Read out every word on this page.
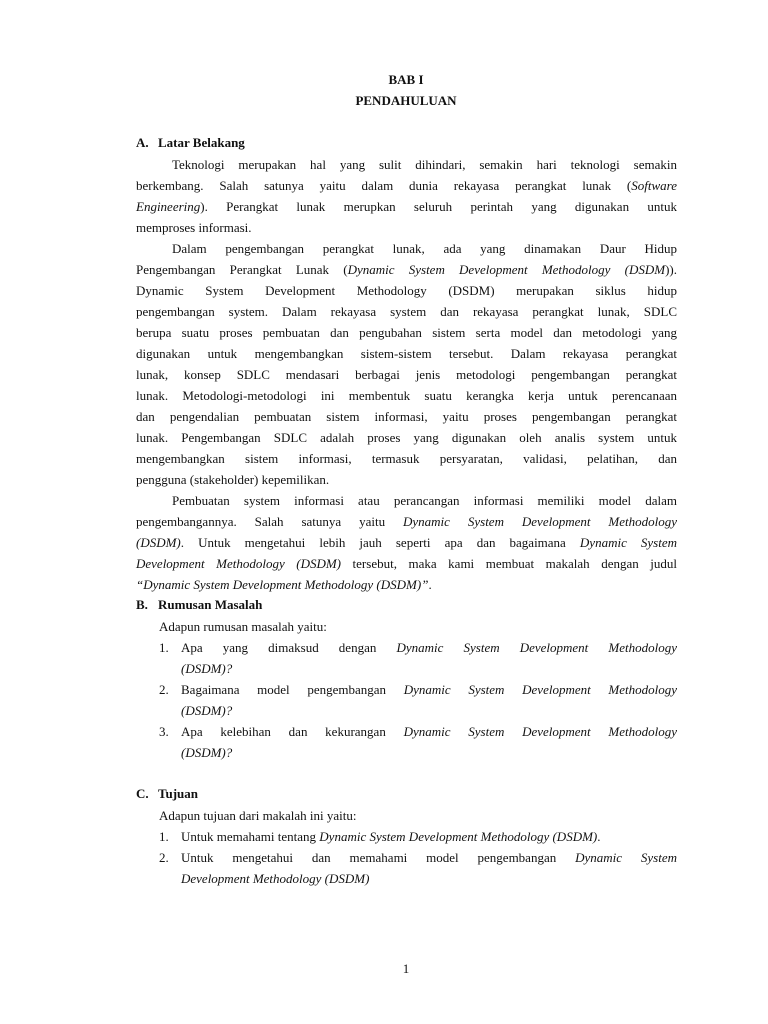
BAB I
PENDAHULUAN
A. Latar Belakang
Teknologi merupakan hal yang sulit dihindari, semakin hari teknologi semakin
berkembang. Salah satunya yaitu dalam dunia rekayasa perangkat lunak (Software
Engineering). Perangkat lunak merupkan seluruh perintah yang digunakan untuk
memproses informasi.
Dalam pengembangan perangkat lunak, ada yang dinamakan Daur Hidup
Pengembangan Perangkat Lunak (Dynamic System Development Methodology (DSDM)).
Dynamic System Development Methodology (DSDM) merupakan siklus hidup
pengembangan system. Dalam rekayasa system dan rekayasa perangkat lunak, SDLC
berupa suatu proses pembuatan dan pengubahan sistem serta model dan metodologi yang
digunakan untuk mengembangkan sistem-sistem tersebut. Dalam rekayasa perangkat
lunak, konsep SDLC mendasari berbagai jenis metodologi pengembangan perangkat
lunak. Metodologi-metodologi ini membentuk suatu kerangka kerja untuk perencanaan
dan pengendalian pembuatan sistem informasi, yaitu proses pengembangan perangkat
lunak. Pengembangan SDLC adalah proses yang digunakan oleh analis system untuk
mengembangkan sistem informasi, termasuk persyaratan, validasi, pelatihan, dan
pengguna (stakeholder) kepemilikan.
Pembuatan system informasi atau perancangan informasi memiliki model dalam
pengembangannya. Salah satunya yaitu Dynamic System Development Methodology
(DSDM). Untuk mengetahui lebih jauh seperti apa dan bagaimana Dynamic System
Development Methodology (DSDM) tersebut, maka kami membuat makalah dengan judul
“Dynamic System Development Methodology (DSDM)”.
B. Rumusan Masalah
Adapun rumusan masalah yaitu:
1. Apa yang dimaksud dengan Dynamic System Development Methodology
(DSDM)?
2. Bagaimana model pengembangan Dynamic System Development Methodology
(DSDM)?
3. Apa kelebihan dan kekurangan Dynamic System Development Methodology
(DSDM)?
C. Tujuan
Adapun tujuan dari makalah ini yaitu:
1. Untuk memahami tentang Dynamic System Development Methodology (DSDM).
2. Untuk mengetahui dan memahami model pengembangan Dynamic System
Development Methodology (DSDM)
1
